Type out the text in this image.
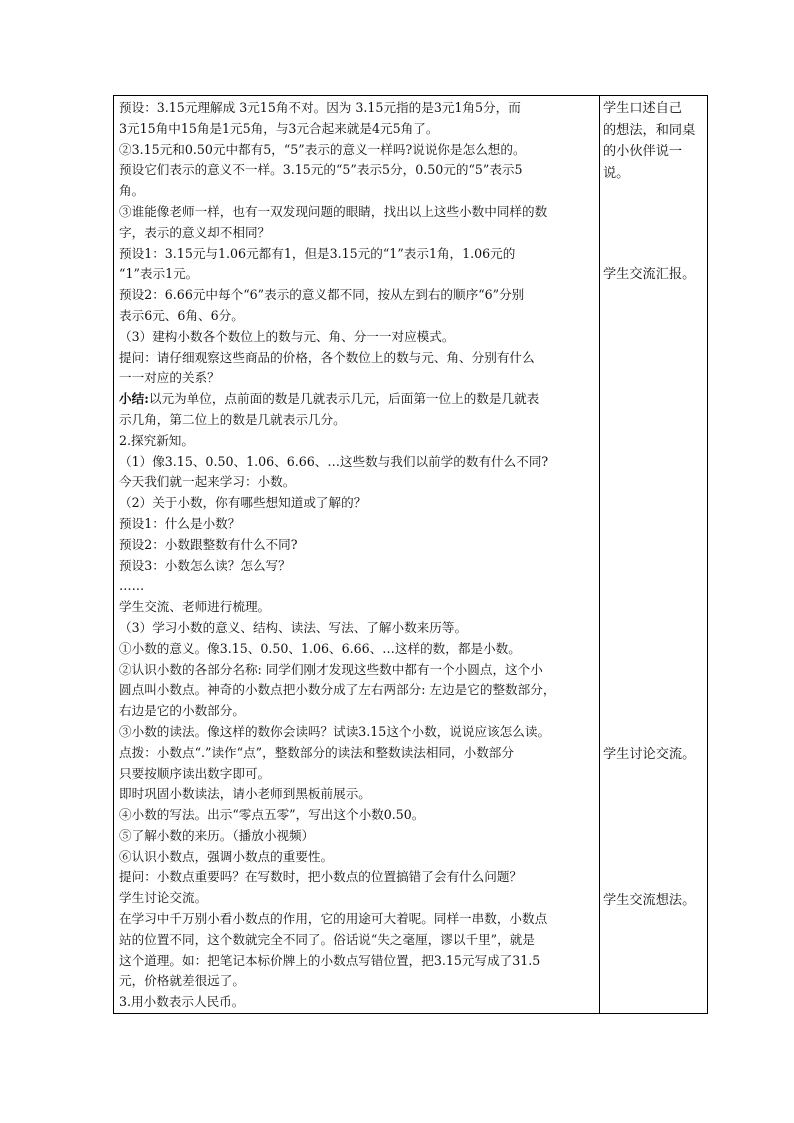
预设：3.15元理解成 3元15角不对。因为 3.15元指的是3元1角5分，而
3元15角中15角是1元5角，与3元合起来就是4元5角了。
②3.15元和0.50元中都有5，“5”表示的意义一样吗?说说你是怎么想的。
预设它们表示的意义不一样。3.15元的“5”表示5分，0.50元的“5”表示5
角。
③谁能像老师一样，也有一双发现问题的眼睛，找出以上这些小数中同样的数
字，表示的意义却不相同？
预设1：3.15元与1.06元都有1，但是3.15元的“1”表示1角，1.06元的
“1”表示1元。
预设2：6.66元中每个“6”表示的意义都不同，按从左到右的顺序“6”分别
表示6元、6角、6分。
（3）建构小数各个数位上的数与元、角、分一一对应模式。
提问：请仔细观察这些商品的价格，各个数位上的数与元、角、分别有什么
一一对应的关系？
小结:以元为单位，点前面的数是几就表示几元，后面第一位上的数是几就表
示几角，第二位上的数是几就表示几分。
2.探究新知。
（1）像3.15、0.50、1.06、6.66、…这些数与我们以前学的数有什么不同?
今天我们就一起来学习：小数。
（2）关于小数，你有哪些想知道或了解的？
预设1：什么是小数？
预设2：小数跟整数有什么不同?
预设3：小数怎么读？怎么写？
……
学生交流、老师进行梳理。
（3）学习小数的意义、结构、读法、写法、了解小数来历等。
①小数的意义。像3.15、0.50、1.06、6.66、…这样的数，都是小数。
②认识小数的各部分名称: 同学们刚才发现这些数中都有一个小圆点，这个小
圆点叫小数点。神奇的小数点把小数分成了左右两部分: 左边是它的整数部分，
右边是它的小数部分。
③小数的读法。像这样的数你会读吗？试读3.15这个小数，说说应该怎么读。
点拨：小数点“.”读作“点”，整数部分的读法和整数读法相同，小数部分
只要按顺序读出数字即可。
即时巩固小数读法，请小老师到黑板前展示。
④小数的写法。出示“零点五零”，写出这个小数0.50。
⑤了解小数的来历。（播放小视频）
⑥认识小数点，强调小数点的重要性。
提问：小数点重要吗？在写数时，把小数点的位置搞错了会有什么问题？
学生讨论交流。
在学习中千万别小看小数点的作用，它的用途可大着呢。同样一串数，小数点
站的位置不同，这个数就完全不同了。俗话说“失之毫厘，谬以千里”，就是
这个道理。如：把笔记本标价牌上的小数点写错位置，把3.15元写成了31.5
元，价格就差很远了。
3.用小数表示人民币。
学生口述自己
的想法，和同桌
的小伙伴说一
说。
学生交流汇报。
学生讨论交流。
学生交流想法。
